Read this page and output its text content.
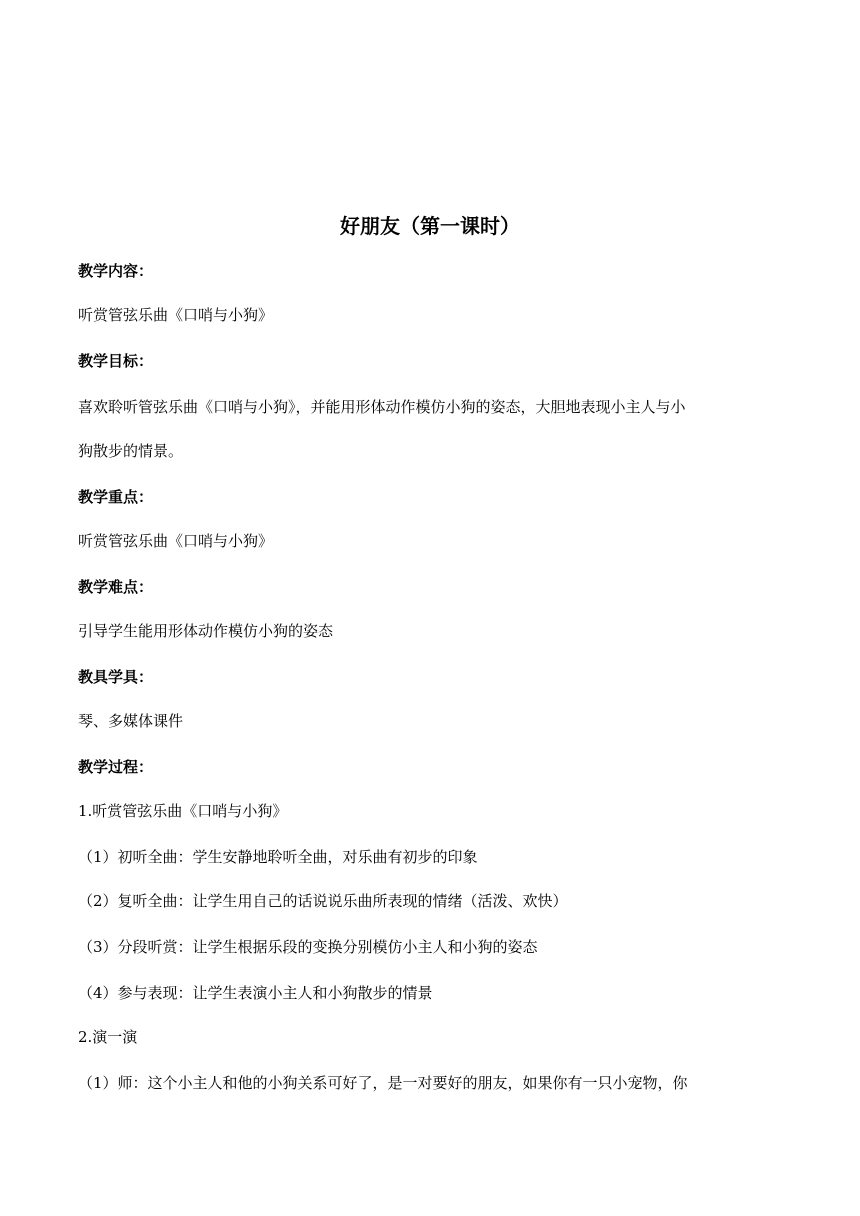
好朋友（第一课时）
教学内容：
听赏管弦乐曲《口哨与小狗》
教学目标：
喜欢聆听管弦乐曲《口哨与小狗》，并能用形体动作模仿小狗的姿态，大胆地表现小主人与小
狗散步的情景。
教学重点：
听赏管弦乐曲《口哨与小狗》
教学难点：
引导学生能用形体动作模仿小狗的姿态
教具学具：
琴、多媒体课件
教学过程：
1.听赏管弦乐曲《口哨与小狗》
（1）初听全曲：学生安静地聆听全曲，对乐曲有初步的印象
（2）复听全曲：让学生用自己的话说说乐曲所表现的情绪（活泼、欢快）
（3）分段听赏：让学生根据乐段的变换分别模仿小主人和小狗的姿态
（4）参与表现：让学生表演小主人和小狗散步的情景
2.演一演
（1）师：这个小主人和他的小狗关系可好了，是一对要好的朋友，如果你有一只小宠物，你
